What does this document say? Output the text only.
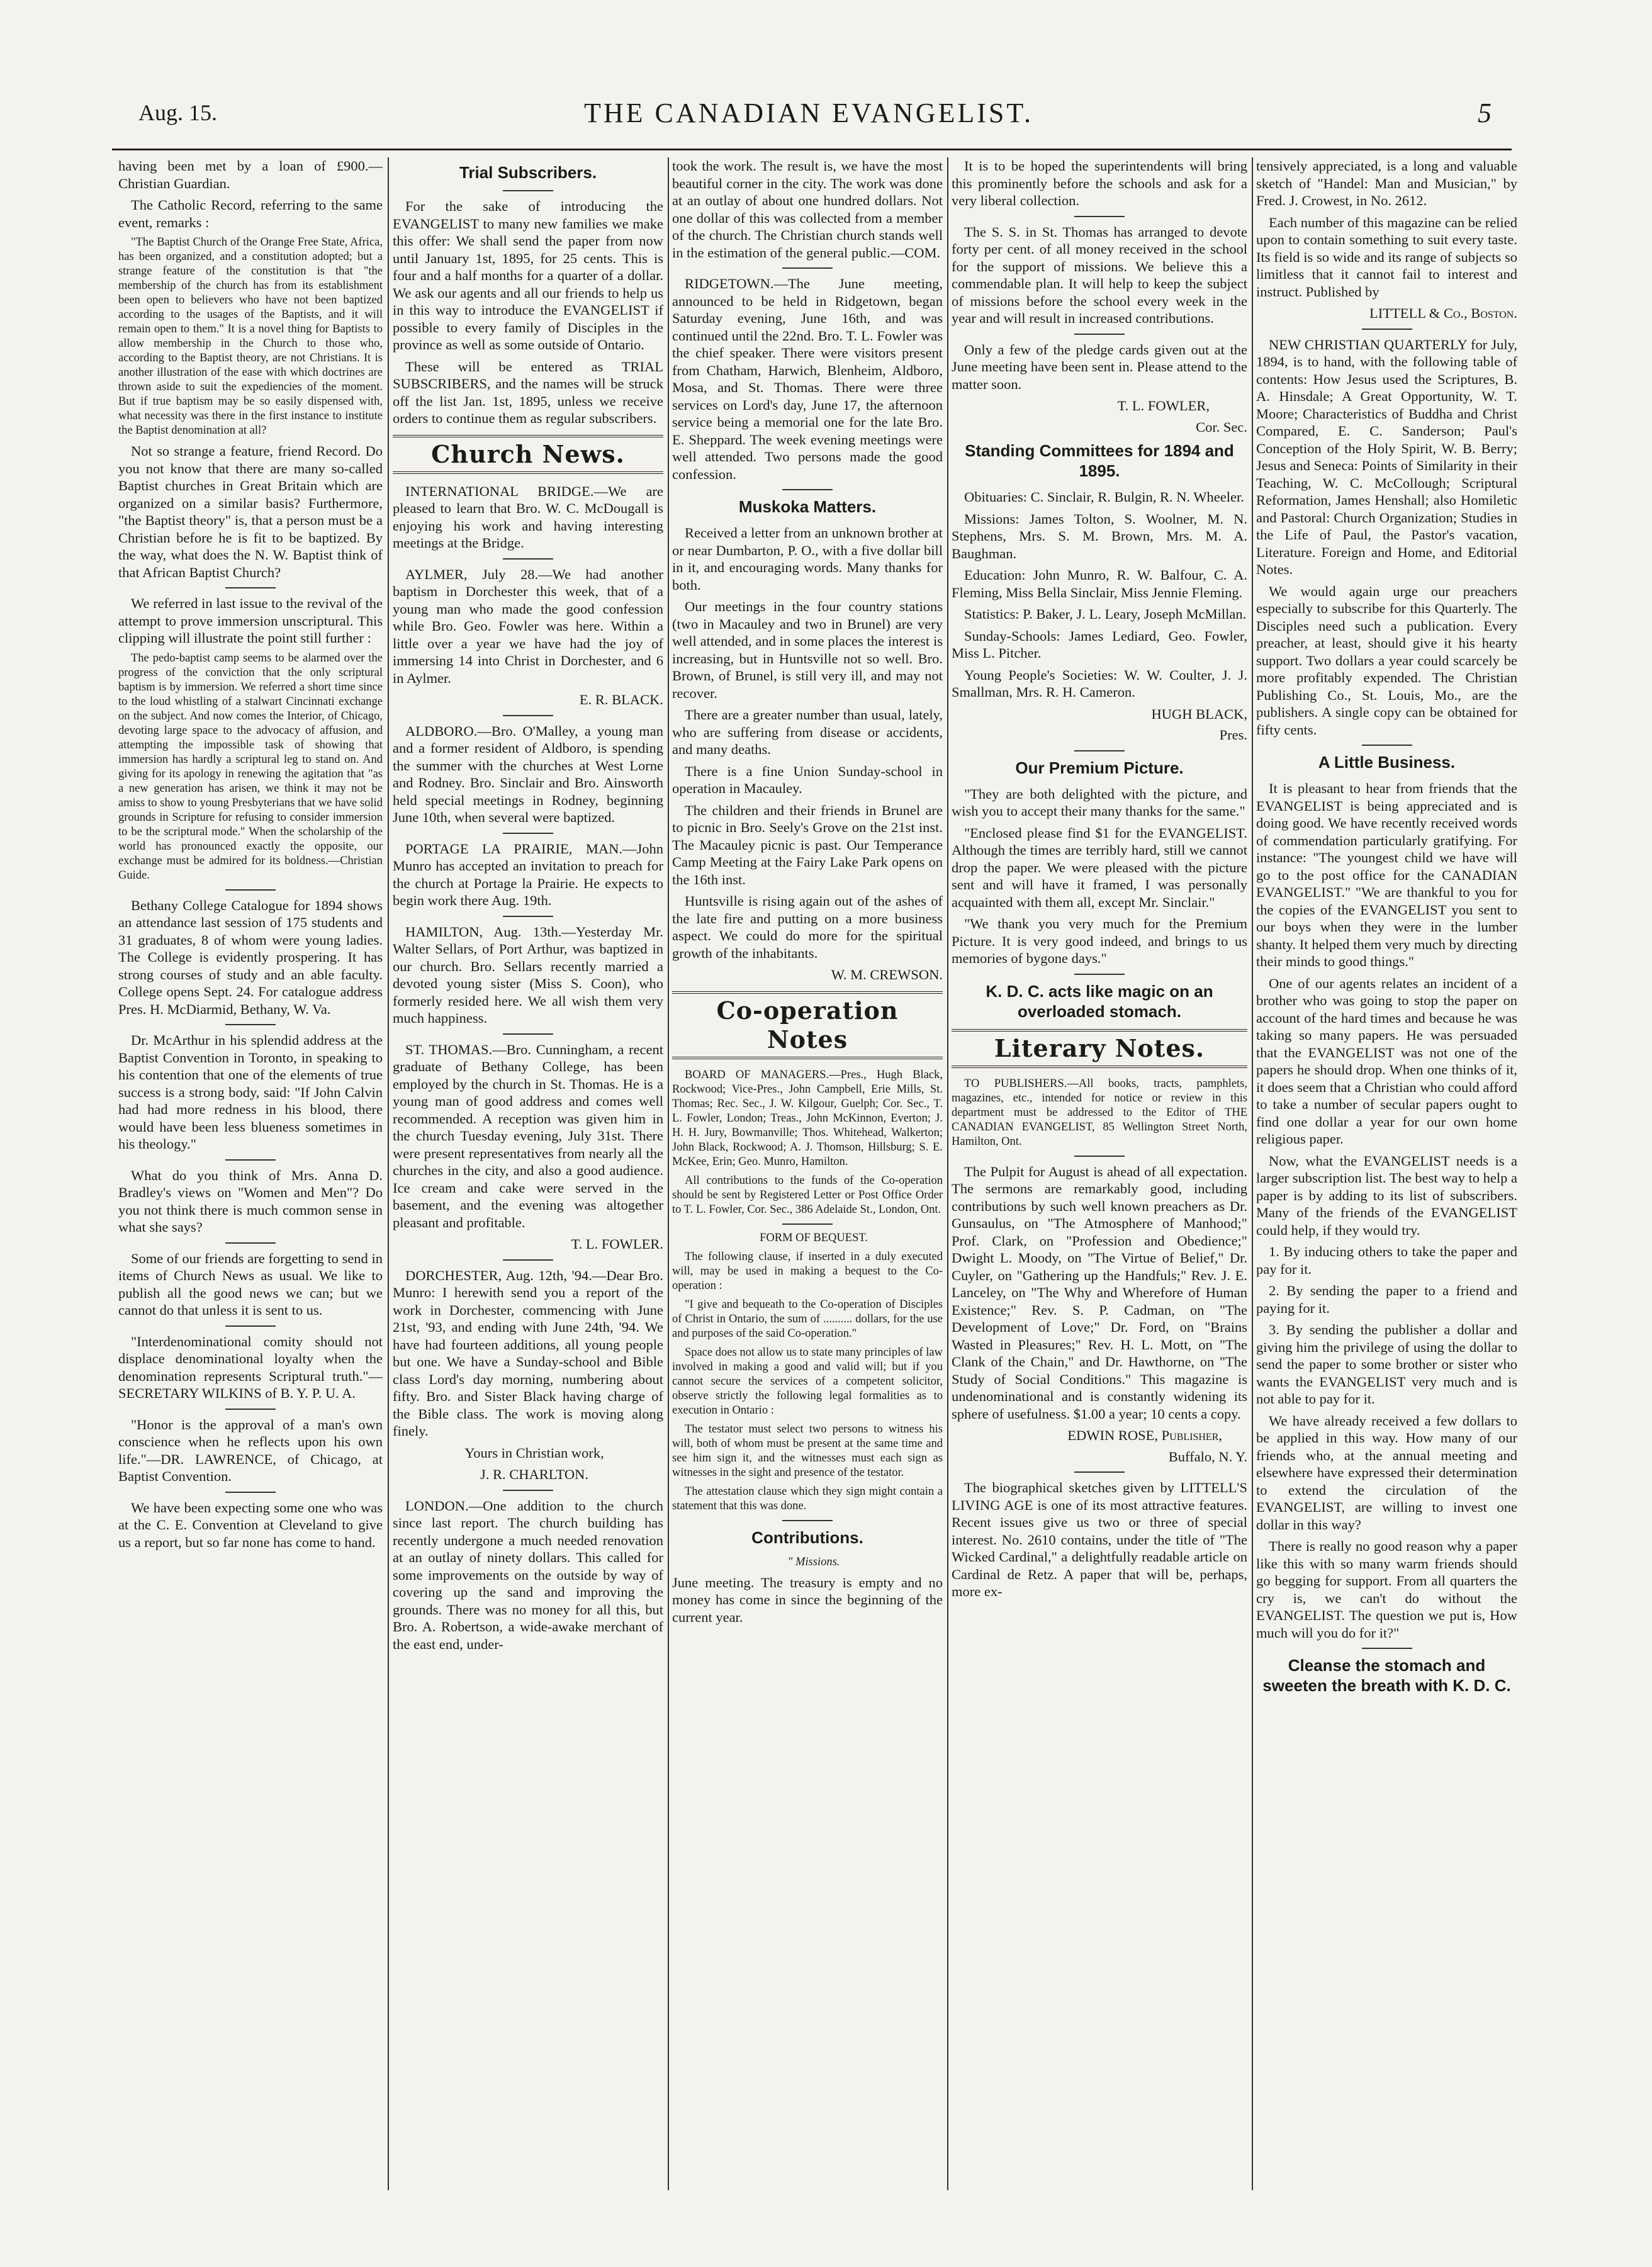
Aug. 15.	THE CANADIAN EVANGELIST.	5

having been met by a loan of £900.—Christian Guardian.

The Catholic Record, referring to the same event, remarks :

"The Baptist Church of the Orange Free State, Africa, has been organized, and a constitution adopted; but a strange feature of the constitution is that "the membership of the church has from its establishment been open to believers who have not been baptized according to the usages of the Baptists, and it will remain open to them." It is a novel thing for Baptists to allow membership in the Church to those who, according to the Baptist theory, are not Christians. It is another illustration of the ease with which doctrines are thrown aside to suit the expediencies of the moment. But if true baptism may be so easily dispensed with, what necessity was there in the first instance to institute the Baptist denomination at all?

Not so strange a feature, friend Record. Do you not know that there are many so-called Baptist churches in Great Britain which are organized on a similar basis? Furthermore, "the Baptist theory" is, that a person must be a Christian before he is fit to be baptized. By the way, what does the N. W. Baptist think of that African Baptist Church?

We referred in last issue to the revival of the attempt to prove immersion unscriptural. This clipping will illustrate the point still further :

The pedo-baptist camp seems to be alarmed over the progress of the conviction that the only scriptural baptism is by immersion. We referred a short time since to the loud whistling of a stalwart Cincinnati exchange on the subject. And now comes the Interior, of Chicago, devoting large space to the advocacy of affusion, and attempting the impossible task of showing that immersion has hardly a scriptural leg to stand on. And giving for its apology in renewing the agitation that "as a new generation has arisen, we think it may not be amiss to show to young Presbyterians that we have solid grounds in Scripture for refusing to consider immersion to be the scriptural mode." When the scholarship of the world has pronounced exactly the opposite, our exchange must be admired for its boldness.—Christian Guide.

Bethany College Catalogue for 1894 shows an attendance last session of 175 students and 31 graduates, 8 of whom were young ladies. The College is evidently prospering. It has strong courses of study and an able faculty. College opens Sept. 24. For catalogue address Pres. H. McDiarmid, Bethany, W. Va.

Dr. McArthur in his splendid address at the Baptist Convention in Toronto, in speaking to his contention that one of the elements of true success is a strong body, said: "If John Calvin had had more redness in his blood, there would have been less blueness sometimes in his theology."

What do you think of Mrs. Anna D. Bradley's views on "Women and Men"? Do you not think there is much common sense in what she says?

Some of our friends are forgetting to send in items of Church News as usual. We like to publish all the good news we can; but we cannot do that unless it is sent to us.

"Interdenominational comity should not displace denominational loyalty when the denomination represents Scriptural truth."—SECRETARY WILKINS of B. Y. P. U. A.

"Honor is the approval of a man's own conscience when he reflects upon his own life."—DR. LAWRENCE, of Chicago, at Baptist Convention.

We have been expecting some one who was at the C. E. Convention at Cleveland to give us a report, but so far none has come to hand.

Trial Subscribers.

For the sake of introducing the EVANGELIST to many new families we make this offer: We shall send the paper from now until January 1st, 1895, for 25 cents. This is four and a half months for a quarter of a dollar. We ask our agents and all our friends to help us in this way to introduce the EVANGELIST if possible to every family of Disciples in the province as well as some outside of Ontario.

These will be entered as TRIAL SUBSCRIBERS, and the names will be struck off the list Jan. 1st, 1895, unless we receive orders to continue them as regular subscribers.

Church News.

INTERNATIONAL BRIDGE.—We are pleased to learn that Bro. W. C. McDougall is enjoying his work and having interesting meetings at the Bridge.

AYLMER, July 28.—We had another baptism in Dorchester this week, that of a young man who made the good confession while Bro. Geo. Fowler was here. Within a little over a year we have had the joy of immersing 14 into Christ in Dorchester, and 6 in Aylmer.

E. R. BLACK.

ALDBORO.—Bro. O'Malley, a young man and a former resident of Aldboro, is spending the summer with the churches at West Lorne and Rodney. Bro. Sinclair and Bro. Ainsworth held special meetings in Rodney, beginning June 10th, when several were baptized.

PORTAGE LA PRAIRIE, MAN.—John Munro has accepted an invitation to preach for the church at Portage la Prairie. He expects to begin work there Aug. 19th.

HAMILTON, Aug. 13th.—Yesterday Mr. Walter Sellars, of Port Arthur, was baptized in our church. Bro. Sellars recently married a devoted young sister (Miss S. Coon), who formerly resided here. We all wish them very much happiness.

ST. THOMAS.—Bro. Cunningham, a recent graduate of Bethany College, has been employed by the church in St. Thomas. He is a young man of good address and comes well recommended. A reception was given him in the church Tuesday evening, July 31st. There were present representatives from nearly all the churches in the city, and also a good audience. Ice cream and cake were served in the basement, and the evening was altogether pleasant and profitable.

T. L. FOWLER.

DORCHESTER, Aug. 12th, '94.—Dear Bro. Munro: I herewith send you a report of the work in Dorchester, commencing with June 21st, '93, and ending with June 24th, '94. We have had fourteen additions, all young people but one. We have a Sunday-school and Bible class Lord's day morning, numbering about fifty. Bro. and Sister Black having charge of the Bible class. The work is moving along finely.

Yours in Christian work,

J. R. CHARLTON.

LONDON.—One addition to the church since last report. The church building has recently undergone a much needed renovation at an outlay of ninety dollars. This called for some improvements on the outside by way of covering up the sand and improving the grounds. There was no money for all this, but Bro. A. Robertson, a wide-awake merchant of the east end, under-

took the work. The result is, we have the most beautiful corner in the city. The work was done at an outlay of about one hundred dollars. Not one dollar of this was collected from a member of the church. The Christian church stands well in the estimation of the general public.—COM.

RIDGETOWN.—The June meeting, announced to be held in Ridgetown, began Saturday evening, June 16th, and was continued until the 22nd. Bro. T. L. Fowler was the chief speaker. There were visitors present from Chatham, Harwich, Blenheim, Aldboro, Mosa, and St. Thomas. There were three services on Lord's day, June 17, the afternoon service being a memorial one for the late Bro. E. Sheppard. The week evening meetings were well attended. Two persons made the good confession.

Muskoka Matters.

Received a letter from an unknown brother at or near Dumbarton, P. O., with a five dollar bill in it, and encouraging words. Many thanks for both.

Our meetings in the four country stations (two in Macauley and two in Brunel) are very well attended, and in some places the interest is increasing, but in Huntsville not so well. Bro. Brown, of Brunel, is still very ill, and may not recover.

There are a greater number than usual, lately, who are suffering from disease or accidents, and many deaths.

There is a fine Union Sunday-school in operation in Macauley.

The children and their friends in Brunel are to picnic in Bro. Seely's Grove on the 21st inst. The Macauley picnic is past. Our Temperance Camp Meeting at the Fairy Lake Park opens on the 16th inst.

Huntsville is rising again out of the ashes of the late fire and putting on a more business aspect. We could do more for the spiritual growth of the inhabitants.

W. M. CREWSON.

Co-operation Notes

BOARD OF MANAGERS.—Pres., Hugh Black, Rockwood; Vice-Pres., John Campbell, Erie Mills, St. Thomas; Rec. Sec., J. W. Kilgour, Guelph; Cor. Sec., T. L. Fowler, London; Treas., John McKinnon, Everton; J. H. H. Jury, Bowmanville; Thos. Whitehead, Walkerton; John Black, Rockwood; A. J. Thomson, Hillsburg; S. E. McKee, Erin; Geo. Munro, Hamilton.

All contributions to the funds of the Co-operation should be sent by Registered Letter or Post Office Order to T. L. Fowler, Cor. Sec., 386 Adelaide St., London, Ont.

FORM OF BEQUEST.

The following clause, if inserted in a duly executed will, may be used in making a bequest to the Co-operation :

"I give and bequeath to the Co-operation of Disciples of Christ in Ontario, the sum of .......... dollars, for the use and purposes of the said Co-operation."

Space does not allow us to state many principles of law involved in making a good and valid will; but if you cannot secure the services of a competent solicitor, observe strictly the following legal formalities as to execution in Ontario :

The testator must select two persons to witness his will, both of whom must be present at the same time and see him sign it, and the witnesses must each sign as witnesses in the sight and presence of the testator.

The attestation clause which they sign might contain a statement that this was done.

Contributions.

" Missions.

June meeting. The treasury is empty and no money has come in since the beginning of the current year.

It is to be hoped the superintendents will bring this prominently before the schools and ask for a very liberal collection.

The S. S. in St. Thomas has arranged to devote forty per cent. of all money received in the school for the support of missions. We believe this a commendable plan. It will help to keep the subject of missions before the school every week in the year and will result in increased contributions.

Only a few of the pledge cards given out at the June meeting have been sent in. Please attend to the matter soon.

T. L. FOWLER,

Cor. Sec.

Standing Committees for 1894 and 1895.

Obituaries: C. Sinclair, R. Bulgin, R. N. Wheeler.

Missions: James Tolton, S. Woolner, M. N. Stephens, Mrs. S. M. Brown, Mrs. M. A. Baughman.

Education: John Munro, R. W. Balfour, C. A. Fleming, Miss Bella Sinclair, Miss Jennie Fleming.

Statistics: P. Baker, J. L. Leary, Joseph McMillan.

Sunday-Schools: James Lediard, Geo. Fowler, Miss L. Pitcher.

Young People's Societies: W. W. Coulter, J. J. Smallman, Mrs. R. H. Cameron.

HUGH BLACK,

Pres.

Our Premium Picture.

"They are both delighted with the picture, and wish you to accept their many thanks for the same."

"Enclosed please find $1 for the EVANGELIST. Although the times are terribly hard, still we cannot drop the paper. We were pleased with the picture sent and will have it framed, I was personally acquainted with them all, except Mr. Sinclair."

"We thank you very much for the Premium Picture. It is very good indeed, and brings to us memories of bygone days."

K. D. C. acts like magic on an overloaded stomach.
Literary Notes.

TO PUBLISHERS.—All books, tracts, pamphlets, magazines, etc., intended for notice or review in this department must be addressed to the Editor of THE CANADIAN EVANGELIST, 85 Wellington Street North, Hamilton, Ont.

The Pulpit for August is ahead of all expectation. The sermons are remarkably good, including contributions by such well known preachers as Dr. Gunsaulus, on "The Atmosphere of Manhood;" Prof. Clark, on "Profession and Obedience;" Dwight L. Moody, on "The Virtue of Belief," Dr. Cuyler, on "Gathering up the Handfuls;" Rev. J. E. Lanceley, on "The Why and Wherefore of Human Existence;" Rev. S. P. Cadman, on "The Development of Love;" Dr. Ford, on "Brains Wasted in Pleasures;" Rev. H. L. Mott, on "The Clank of the Chain," and Dr. Hawthorne, on "The Study of Social Conditions." This magazine is undenominational and is constantly widening its sphere of usefulness. $1.00 a year; 10 cents a copy.

EDWIN ROSE, Publisher,

Buffalo, N. Y.

The biographical sketches given by LITTELL'S LIVING AGE is one of its most attractive features. Recent issues give us two or three of special interest. No. 2610 contains, under the title of "The Wicked Cardinal," a delightfully readable article on Cardinal de Retz. A paper that will be, perhaps, more ex-

tensively appreciated, is a long and valuable sketch of "Handel: Man and Musician," by Fred. J. Crowest, in No. 2612.

Each number of this magazine can be relied upon to contain something to suit every taste. Its field is so wide and its range of subjects so limitless that it cannot fail to interest and instruct. Published by

LITTELL & Co., Boston.

NEW CHRISTIAN QUARTERLY for July, 1894, is to hand, with the following table of contents: How Jesus used the Scriptures, B. A. Hinsdale; A Great Opportunity, W. T. Moore; Characteristics of Buddha and Christ Compared, E. C. Sanderson; Paul's Conception of the Holy Spirit, W. B. Berry; Jesus and Seneca: Points of Similarity in their Teaching, W. C. McCollough; Scriptural Reformation, James Henshall; also Homiletic and Pastoral: Church Organization; Studies in the Life of Paul, the Pastor's vacation, Literature. Foreign and Home, and Editorial Notes.

We would again urge our preachers especially to subscribe for this Quarterly. The Disciples need such a publication. Every preacher, at least, should give it his hearty support. Two dollars a year could scarcely be more profitably expended. The Christian Publishing Co., St. Louis, Mo., are the publishers. A single copy can be obtained for fifty cents.

A Little Business.

It is pleasant to hear from friends that the EVANGELIST is being appreciated and is doing good. We have recently received words of commendation particularly gratifying. For instance: "The youngest child we have will go to the post office for the CANADIAN EVANGELIST." "We are thankful to you for the copies of the EVANGELIST you sent to our boys when they were in the lumber shanty. It helped them very much by directing their minds to good things."

One of our agents relates an incident of a brother who was going to stop the paper on account of the hard times and because he was taking so many papers. He was persuaded that the EVANGELIST was not one of the papers he should drop. When one thinks of it, it does seem that a Christian who could afford to take a number of secular papers ought to find one dollar a year for our own home religious paper.

Now, what the EVANGELIST needs is a larger subscription list. The best way to help a paper is by adding to its list of subscribers. Many of the friends of the EVANGELIST could help, if they would try.

1. By inducing others to take the paper and pay for it.

2. By sending the paper to a friend and paying for it.

3. By sending the publisher a dollar and giving him the privilege of using the dollar to send the paper to some brother or sister who wants the EVANGELIST very much and is not able to pay for it.

We have already received a few dollars to be applied in this way. How many of our friends who, at the annual meeting and elsewhere have expressed their determination to extend the circulation of the EVANGELIST, are willing to invest one dollar in this way?

There is really no good reason why a paper like this with so many warm friends should go begging for support. From all quarters the cry is, we can't do without the EVANGELIST. The question we put is, How much will you do for it?"

Cleanse the stomach and sweeten the breath with K. D. C.
